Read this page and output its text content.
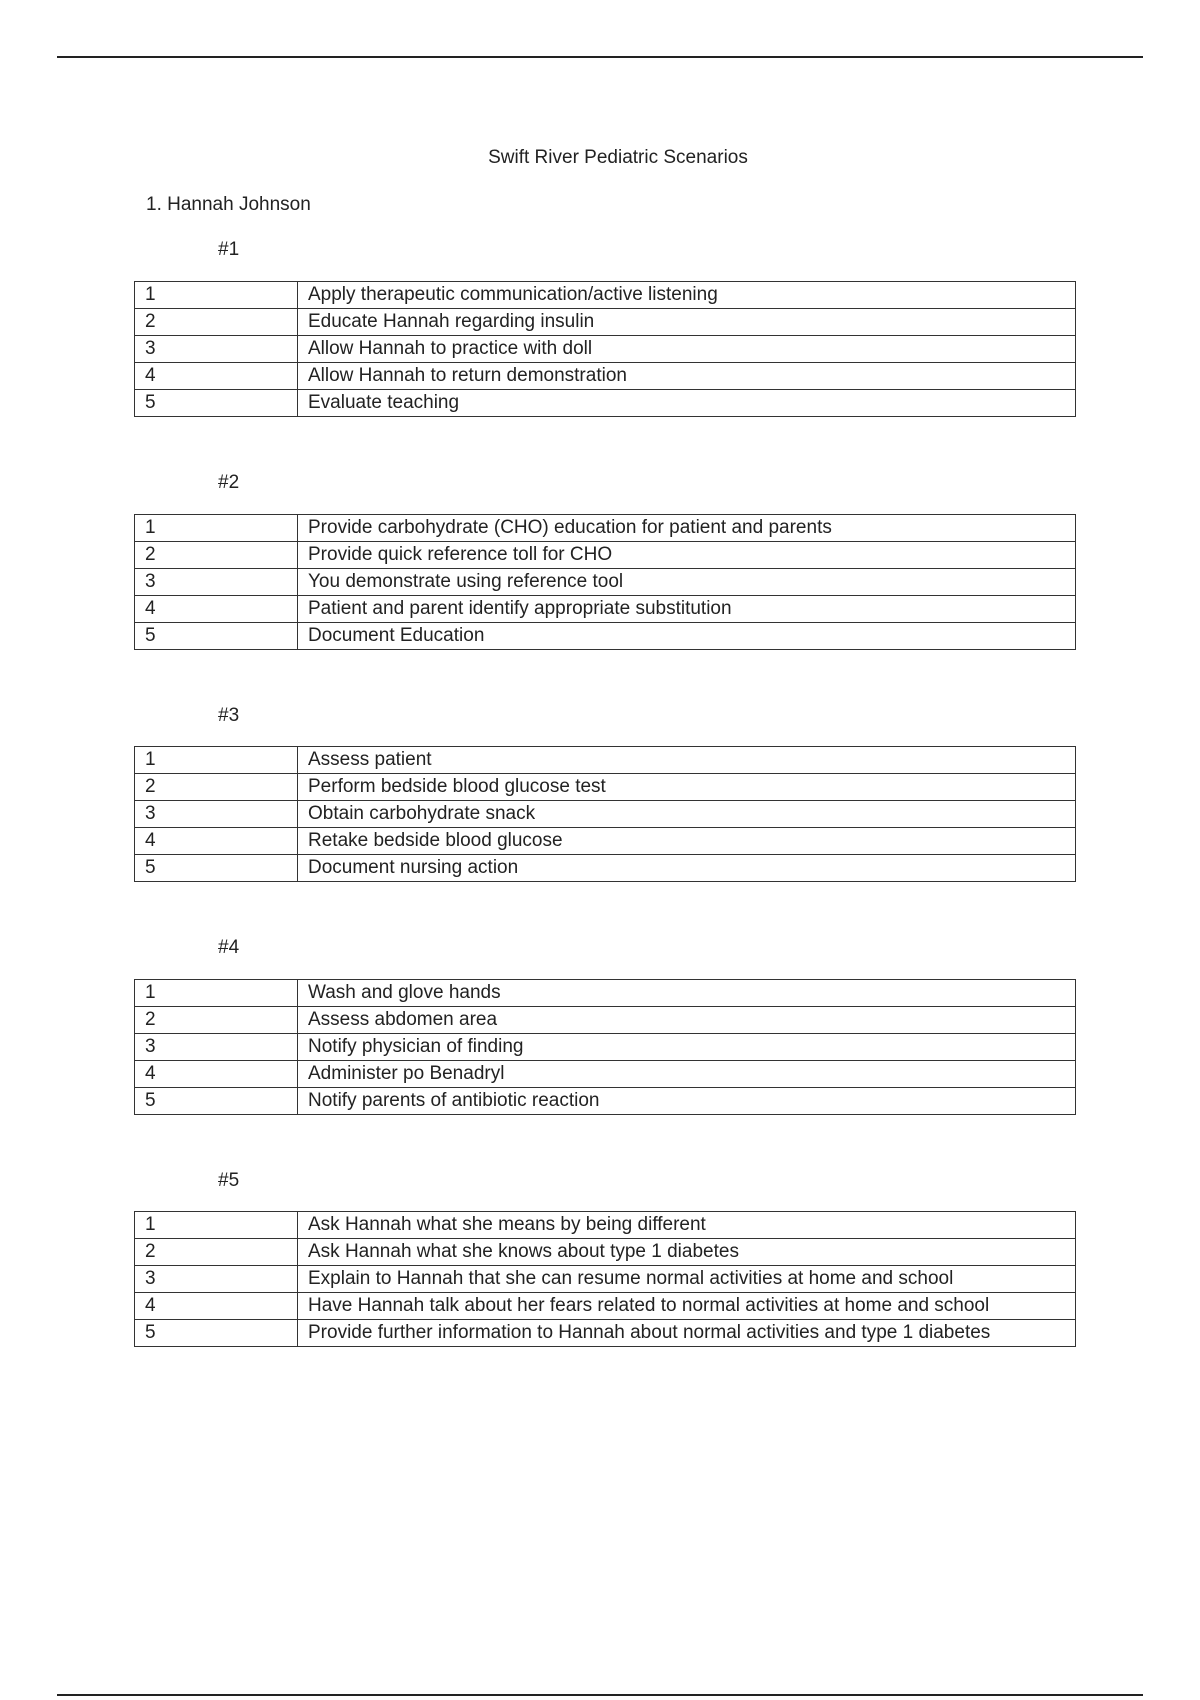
Swift River Pediatric Scenarios
1. Hannah Johnson
#1
1	Apply therapeutic communication/active listening
2	Educate Hannah regarding insulin
3	Allow Hannah to practice with doll
4	Allow Hannah to return demonstration
5	Evaluate teaching
#2
1	Provide carbohydrate (CHO) education for patient and parents
2	Provide quick reference toll for CHO
3	You demonstrate using reference tool
4	Patient and parent identify appropriate substitution
5	Document Education
#3
1	Assess patient
2	Perform bedside blood glucose test
3	Obtain carbohydrate snack
4	Retake bedside blood glucose
5	Document nursing action
#4
1	Wash and glove hands
2	Assess abdomen area
3	Notify physician of finding
4	Administer po Benadryl
5	Notify parents of antibiotic reaction
#5
1	Ask Hannah what she means by being different
2	Ask Hannah what she knows about type 1 diabetes
3	Explain to Hannah that she can resume normal activities at home and school
4	Have Hannah talk about her fears related to normal activities at home and school
5	Provide further information to Hannah about normal activities and type 1 diabetes
